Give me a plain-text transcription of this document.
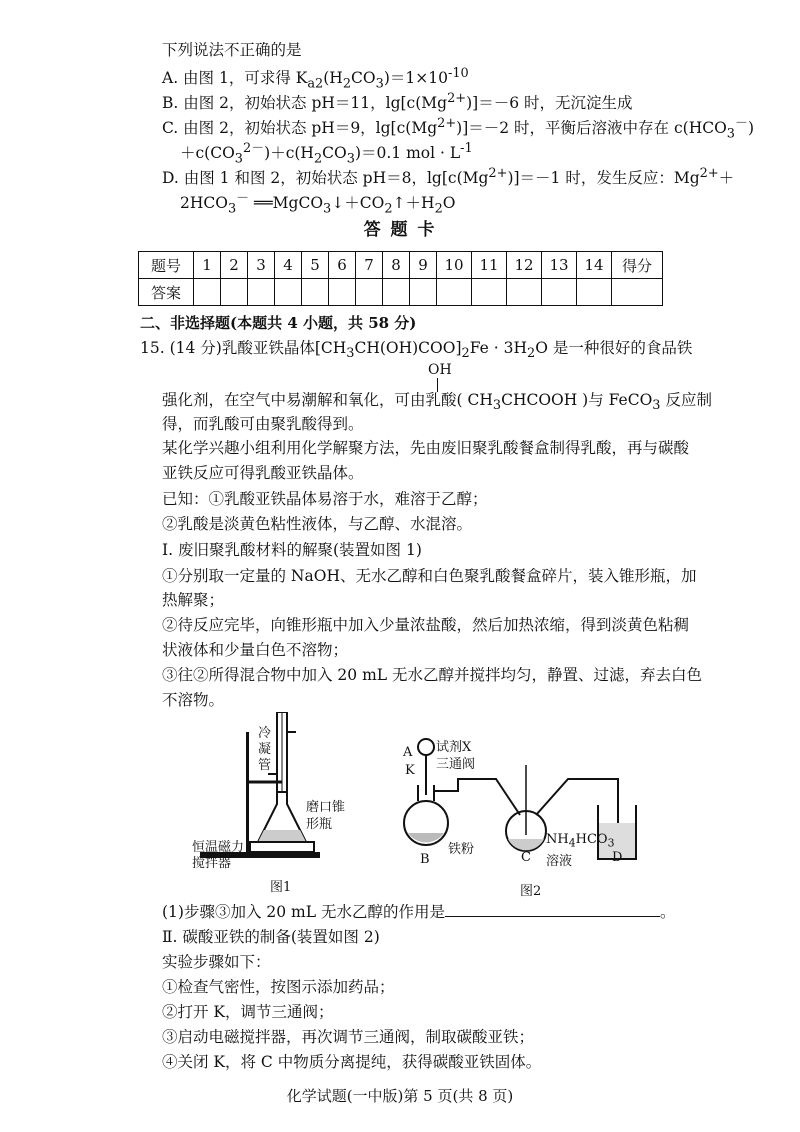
下列说法不正确的是
A. 由图 1，可求得 $K_{a2}(H_2CO_3)=1\times 10^{-10}$
B. 由图 2，初始状态 pH＝11，$\lg[c(Mg^{2+})]=-6$ 时，无沉淀生成
C. 由图 2，初始状态 pH＝9，$\lg[c(Mg^{2+})]=-2$ 时，平衡后溶液中存在 $c(HCO_3^-)$
$+c(CO_3^{2-})+c(H_2CO_3)=0.1$ mol · $L^{-1}$
D. 由图 1 和图 2，初始状态 pH＝8，$\lg[c(Mg^{2+})]=-1$ 时，发生反应：$Mg^{2+}+$
$2HCO_3^-$ $══MgCO_3↓+CO_2↑+H_2O$
答 题 卡
题号	1	2	3	4	5	6	7	8	9	10	11	12	13	14	得分
答案															
二、非选择题(本题共 4 小题，共 58 分)
15. (14 分)乳酸亚铁晶体$[CH_3CH(OH)COO]_2Fe \cdot 3H_2O$ 是一种很好的食品铁
OH
强化剂，在空气中易潮解和氧化，可由乳酸( $CH_3CHCOOH$ )与 FeCO$_3$ 反应制
得，而乳酸可由聚乳酸得到。
某化学兴趣小组利用化学解聚方法，先由废旧聚乳酸餐盒制得乳酸，再与碳酸
亚铁反应可得乳酸亚铁晶体。
已知：①乳酸亚铁晶体易溶于水，难溶于乙醇；
②乳酸是淡黄色粘性液体，与乙醇、水混溶。
Ⅰ. 废旧聚乳酸材料的解聚(装置如图 1)
①分别取一定量的 NaOH、无水乙醇和白色聚乳酸餐盒碎片，装入锥形瓶，加
热解聚；
②待反应完毕，向锥形瓶中加入少量浓盐酸，然后加热浓缩，得到淡黄色粘稠
状液体和少量白色不溶物；
③往②所得混合物中加入 20 mL 无水乙醇并搅拌均匀，静置、过滤，弃去白色
不溶物。
冷
凝
管
磨口锥
形瓶
恒温磁力
搅拌器
图1
A
K
试剂X
三通阀
铁粉
B	C
$NH_4HCO_3$
溶液	D
图2
(1)步骤③加入 20 mL 无水乙醇的作用是	。
Ⅱ. 碳酸亚铁的制备(装置如图 2)
实验步骤如下：
①检查气密性，按图示添加药品；
②打开 K，调节三通阀；
③启动电磁搅拌器，再次调节三通阀，制取碳酸亚铁；
④关闭 K，将 C 中物质分离提纯，获得碳酸亚铁固体。
化学试题(一中版)第 5 页(共 8 页)
